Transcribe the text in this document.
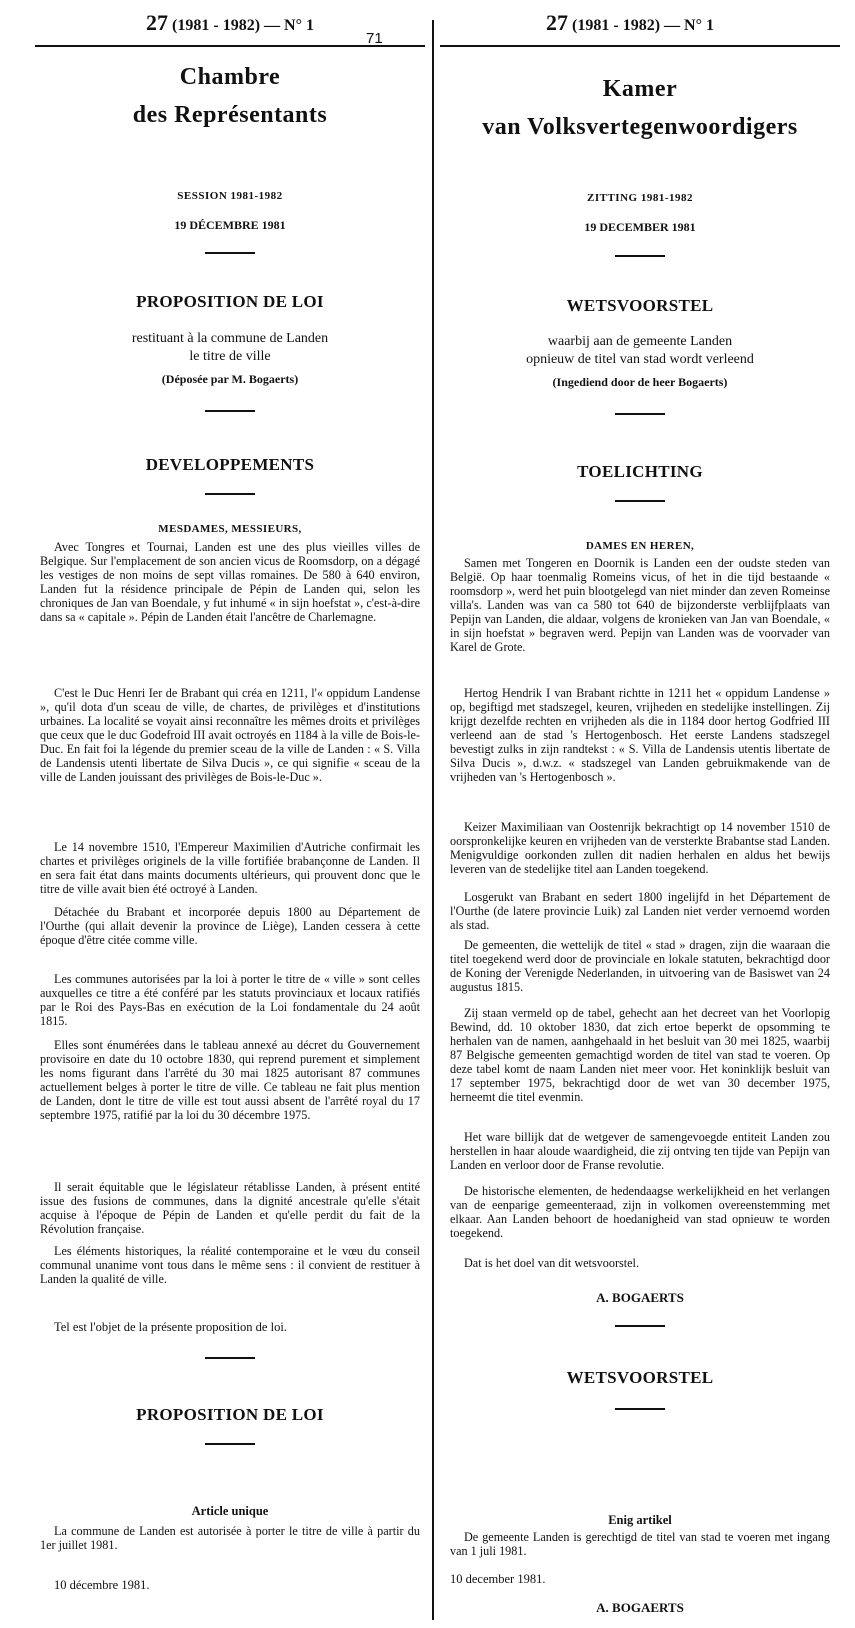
27 (1981 - 1982) — N° 1	27 (1981 - 1982) — N° 1
71
Chambre
des Représentants
SESSION 1981-1982
19 DÉCEMBRE 1981
PROPOSITION DE LOI
restituant à la commune de Landen
le titre de ville
(Déposée par M. Bogaerts)
DEVELOPPEMENTS
MESDAMES, MESSIEURS,

Avec Tongres et Tournai, Landen est une des plus vieilles villes de Belgique. Sur l'emplacement de son ancien vicus de Roomsdorp, on a dégagé les vestiges de non moins de sept villas romaines. De 580 à 640 environ, Landen fut la résidence principale de Pépin de Landen qui, selon les chroniques de Jan van Boendale, y fut inhumé « in sijn hoefstat », c'est-à-dire dans sa « capitale ». Pépin de Landen était l'ancêtre de Charlemagne.

C'est le Duc Henri Ier de Brabant qui créa en 1211, l'« oppidum Landense », qu'il dota d'un sceau de ville, de chartes, de privilèges et d'institutions urbaines. La localité se voyait ainsi reconnaître les mêmes droits et privilèges que ceux que le duc Godefroid III avait octroyés en 1184 à la ville de Bois-le-Duc. En fait foi la légende du premier sceau de la ville de Landen : « S. Villa de Landensis utenti libertate de Silva Ducis », ce qui signifie « sceau de la ville de Landen jouissant des privilèges de Bois-le-Duc ».

Le 14 novembre 1510, l'Empereur Maximilien d'Autriche confirmait les chartes et privilèges originels de la ville fortifiée brabançonne de Landen. Il en sera fait état dans maints documents ultérieurs, qui prouvent donc que le titre de ville avait bien été octroyé à Landen.

Détachée du Brabant et incorporée depuis 1800 au Département de l'Ourthe (qui allait devenir la province de Liège), Landen cessera à cette époque d'être citée comme ville.

Les communes autorisées par la loi à porter le titre de « ville » sont celles auxquelles ce titre a été conféré par les statuts provinciaux et locaux ratifiés par le Roi des Pays-Bas en exécution de la Loi fondamentale du 24 août 1815.

Elles sont énumérées dans le tableau annexé au décret du Gouvernement provisoire en date du 10 octobre 1830, qui reprend purement et simplement les noms figurant dans l'arrêté du 30 mai 1825 autorisant 87 communes actuellement belges à porter le titre de ville. Ce tableau ne fait plus mention de Landen, dont le titre de ville est tout aussi absent de l'arrêté royal du 17 septembre 1975, ratifié par la loi du 30 décembre 1975.

Il serait équitable que le législateur rétablisse Landen, à présent entité issue des fusions de communes, dans la dignité ancestrale qu'elle s'était acquise à l'époque de Pépin de Landen et qu'elle perdit du fait de la Révolution française.

Les éléments historiques, la réalité contemporaine et le vœu du conseil communal unanime vont tous dans le même sens : il convient de restituer à Landen la qualité de ville.

Tel est l'objet de la présente proposition de loi.
PROPOSITION DE LOI
Article unique

La commune de Landen est autorisée à porter le titre de ville à partir du 1er juillet 1981.

10 décembre 1981.
Kamer
van Volksvertegenwoordigers
ZITTING 1981-1982
19 DECEMBER 1981
WETSVOORSTEL
waarbij aan de gemeente Landen
opnieuw de titel van stad wordt verleend
(Ingediend door de heer Bogaerts)
TOELICHTING
DAMES EN HEREN,

Samen met Tongeren en Doornik is Landen een der oudste steden van België. Op haar toenmalig Romeins vicus, of het in die tijd bestaande « roomsdorp », werd het puin blootgelegd van niet minder dan zeven Romeinse villa's. Landen was van ca 580 tot 640 de bijzonderste verblijfplaats van Pepijn van Landen, die aldaar, volgens de kronieken van Jan van Boendale, « in sijn hoefstat » begraven werd. Pepijn van Landen was de voorvader van Karel de Grote.

Hertog Hendrik I van Brabant richtte in 1211 het « oppidum Landense » op, begiftigd met stadszegel, keuren, vrijheden en stedelijke instellingen. Zij krijgt dezelfde rechten en vrijheden als die in 1184 door hertog Godfried III verleend aan de stad 's Hertogenbosch. Het eerste Landens stadszegel bevestigt zulks in zijn randtekst : « S. Villa de Landensis utentis libertate de Silva Ducis », d.w.z. « stadszegel van Landen gebruikmakende van de vrijheden van 's Hertogenbosch ».

Keizer Maximiliaan van Oostenrijk bekrachtigt op 14 november 1510 de oorspronkelijke keuren en vrijheden van de versterkte Brabantse stad Landen. Menigvuldige oorkonden zullen dit nadien herhalen en aldus het bewijs leveren van de stedelijke titel aan Landen toegekend.

Losgerukt van Brabant en sedert 1800 ingelijfd in het Département de l'Ourthe (de latere provincie Luik) zal Landen niet verder vernoemd worden als stad.

De gemeenten, die wettelijk de titel « stad » dragen, zijn die waaraan die titel toegekend werd door de provinciale en lokale statuten, bekrachtigd door de Koning der Verenigde Nederlanden, in uitvoering van de Basiswet van 24 augustus 1815.

Zij staan vermeld op de tabel, gehecht aan het decreet van het Voorlopig Bewind, dd. 10 oktober 1830, dat zich ertoe beperkt de opsomming te herhalen van de namen, aanhgehaald in het besluit van 30 mei 1825, waarbij 87 Belgische gemeenten gemachtigd worden de titel van stad te voeren. Op deze tabel komt de naam Landen niet meer voor. Het koninklijk besluit van 17 september 1975, bekrachtigd door de wet van 30 december 1975, herneemt die titel evenmin.

Het ware billijk dat de wetgever de samengevoegde entiteit Landen zou herstellen in haar aloude waardigheid, die zij ontving ten tijde van Pepijn van Landen en verloor door de Franse revolutie.

De historische elementen, de hedendaagse werkelijkheid en het verlangen van de eenparige gemeenteraad, zijn in volkomen overeenstemming met elkaar. Aan Landen behoort de hoedanigheid van stad opnieuw te worden toegekend.

Dat is het doel van dit wetsvoorstel.

A. BOGAERTS
WETSVOORSTEL
Enig artikel

De gemeente Landen is gerechtigd de titel van stad te voeren met ingang van 1 juli 1981.

10 december 1981.
A. BOGAERTS
